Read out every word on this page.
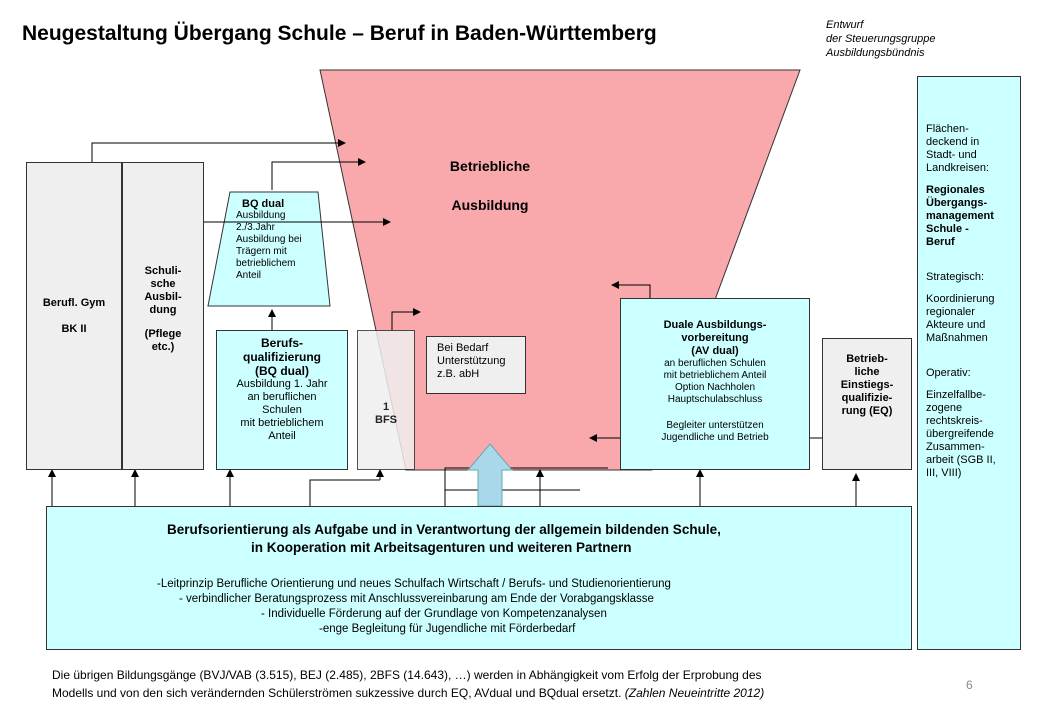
Neugestaltung Übergang Schule – Beruf in Baden-Württemberg	Entwurf
der Steuerungsgruppe
Ausbildungsbündnis
Berufl. Gym
BK II
Schuli-
sche
Ausbil-
dung
(Pflege
etc.)
Betriebliche
Ausbildung
BQ dual
Ausbildung
2./3.Jahr
Ausbildung bei
Trägern mit
betrieblichem
Anteil
Berufs-
qualifizierung
(BQ dual)
Ausbildung 1. Jahr
an beruflichen
Schulen
mit betrieblichem
Anteil
1
BFS
Bei Bedarf
Unterstützung
z.B. abH
Duale Ausbildungs-
vorbereitung
(AV dual)
an beruflichen Schulen
mit betrieblichem Anteil
Option Nachholen
Hauptschulabschluss
Begleiter unterstützen
Jugendliche und Betrieb
Betrieb-
liche
Einstiegs-
qualifizie-
rung (EQ)
Flächen-
deckend in
Stadt- und
Landkreisen:
Regionales
Übergangs-
management
Schule -
Beruf
Strategisch:
Koordinierung
regionaler
Akteure und
Maßnahmen
Operativ:
Einzelfallbe-
zogene
rechtskreis-
übergreifende
Zusammen-
arbeit (SGB II,
III, VIII)
Berufsorientierung als Aufgabe und in Verantwortung der allgemein bildenden Schule,
in Kooperation mit Arbeitsagenturen und weiteren Partnern
-Leitprinzip Berufliche Orientierung und neues Schulfach Wirtschaft / Berufs- und Studienorientierung
- verbindlicher Beratungsprozess mit Anschlussvereinbarung am Ende der Vorabgangsklasse
- Individuelle Förderung auf der Grundlage von Kompetenzanalysen
-enge Begleitung für Jugendliche mit Förderbedarf
Die übrigen Bildungsgänge (BVJ/VAB (3.515), BEJ (2.485), 2BFS (14.643), …) werden in Abhängigkeit vom Erfolg der Erprobung des
Modells und von den sich verändernden Schülerströmen sukzessive durch EQ, AVdual und BQdual ersetzt. (Zahlen Neueintritte 2012)
6
